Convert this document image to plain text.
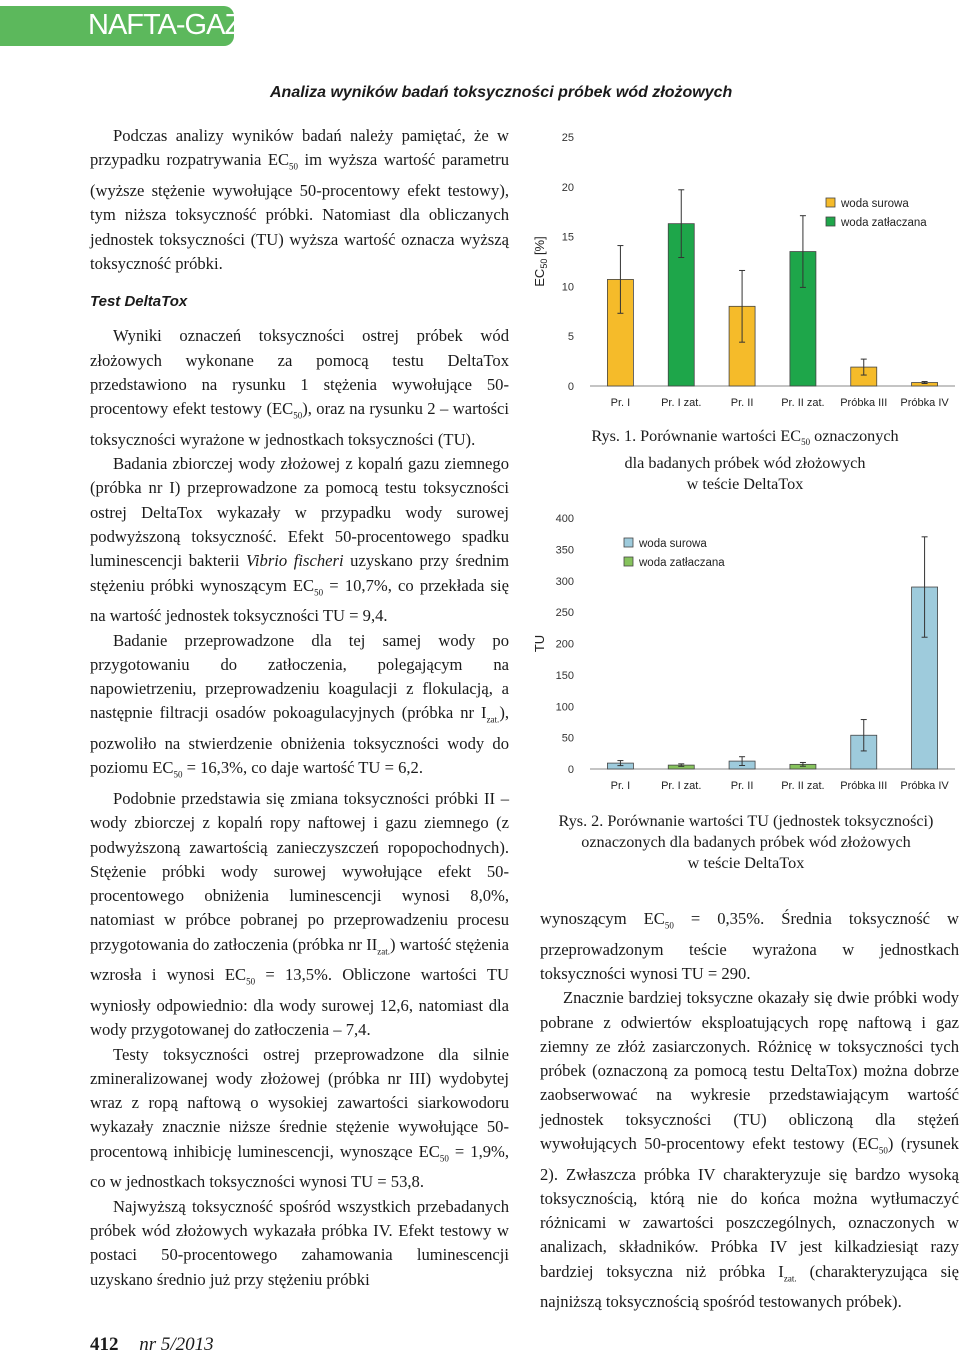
NAFTA-GAZ
Analiza wyników badań toksyczności próbek wód złożowych

Podczas analizy wyników badań należy pamiętać, że w przypadku rozpatrywania $EC_{50}$ im wyższa wartość parametru (wyższe stężenie wywołujące 50-procentowy efekt testowy), tym niższa toksyczność próbki. Natomiast dla obliczanych jednostek toksyczności (TU) wyższa wartość oznacza wyższą toksyczność próbki.

Test DeltaTox

Wyniki oznaczeń toksyczności ostrej próbek wód złożowych wykonane za pomocą testu DeltaTox przedstawiono na rysunku 1 stężenia wywołujące 50-procentowy efekt testowy $(EC_{50})$, oraz na rysunku 2 – wartości toksyczności wyrażone w jednostkach toksyczności (TU).

Badania zbiorczej wody złożowej z kopalń gazu ziemnego (próbka nr I) przeprowadzone za pomocą testu toksyczności ostrej DeltaTox wykazały w przypadku wody surowej podwyższoną toksyczność. Efekt 50-procentowego spadku luminescencji bakterii Vibrio fischeri uzyskano przy średnim stężeniu próbki wynoszącym $EC_{50} = 10,7\%$, co przekłada się na wartość jednostek toksyczności TU = 9,4.

Badanie przeprowadzone dla tej samej wody po przygotowaniu do zatłoczenia, polegającym na napowietrzeniu, przeprowadzeniu koagulacji z flokulacją, a następnie filtracji osadów pokoagulacyjnych (próbka nr $I_{zat.}$), pozwoliło na stwierdzenie obniżenia toksyczności wody do poziomu $EC_{50} = 16,3\%$, co daje wartość TU = 6,2.

Podobnie przedstawia się zmiana toksyczności próbki II – wody zbiorczej z kopalń ropy naftowej i gazu ziemnego (z podwyższoną zawartością zanieczyszczeń ropopochodnych). Stężenie próbki wody surowej wywołujące efekt 50-procentowego obniżenia luminescencji wynosi 8,0%, natomiast w próbce pobranej po przeprowadzeniu procesu przygotowania do zatłoczenia (próbka nr $II_{zat.}$) wartość stężenia wzrosła i wynosi $EC_{50} = 13,5\%$. Obliczone wartości TU wyniosły odpowiednio: dla wody surowej 12,6, natomiast dla wody przygotowanej do zatłoczenia – 7,4.

Testy toksyczności ostrej przeprowadzone dla silnie zmineralizowanej wody złożowej (próbka nr III) wydobytej wraz z ropą naftową o wysokiej zawartości siarkowodoru wykazały znacznie niższe średnie stężenie wywołujące 50-procentową inhibicję luminescencji, wynoszące $EC_{50} = 1,9\%$, co w jednostkach toksyczności wynosi TU = 53,8.

Najwyższą toksyczność spośród wszystkich przebadanych próbek wód złożowych wykazała próbka IV. Efekt testowy w postaci 50-procentowego zahamowania luminescencji uzyskano średnio już przy stężeniu próbki

0
5
10
15
20
25
$EC_{50}$ [%]
Pr. I	Pr. I zat.	Pr. II	Pr. II zat. Próbka III Próbka IV
woda surowa
woda zatłaczana
Rys. 1. Porównanie wartości $EC_{50}$ oznaczonych
dla badanych próbek wód złożowych
w teście DeltaTox
0
50
100
150
200
250
300
350
400
TU
Pr. I	Pr. I zat.	Pr. II	Pr. II zat. Próbka III Próbka IV
woda surowa
woda zatłaczana
Rys. 2. Porównanie wartości TU (jednostek toksyczności)
oznaczonych dla badanych próbek wód złożowych
w teście DeltaTox

wynoszącym $EC_{50} = 0,35\%$. Średnia toksyczność w przeprowadzonym teście wyrażona w jednostkach toksyczności wynosi TU = 290.

Znacznie bardziej toksyczne okazały się dwie próbki wody pobrane z odwiertów eksploatujących ropę naftową i gaz ziemny ze złóż zasiarczonych. Różnicę w toksyczności tych próbek (oznaczoną za pomocą testu DeltaTox) można dobrze zaobserwować na wykresie przedstawiającym wartość jednostek toksyczności (TU) obliczoną dla stężeń wywołujących 50-procentowy efekt testowy $(EC_{50})$ (rysunek 2). Zwłaszcza próbka IV charakteryzuje się bardzo wysoką toksycznością, którą nie do końca można wytłumaczyć różnicami w zawartości poszczególnych, oznaczonych w analizach, składników. Próbka IV jest kilkadziesiąt razy bardziej toksyczna niż próbka $I_{zat.}$ (charakteryzująca się najniższą toksycznością spośród testowanych próbek).

412 nr 5/2013
